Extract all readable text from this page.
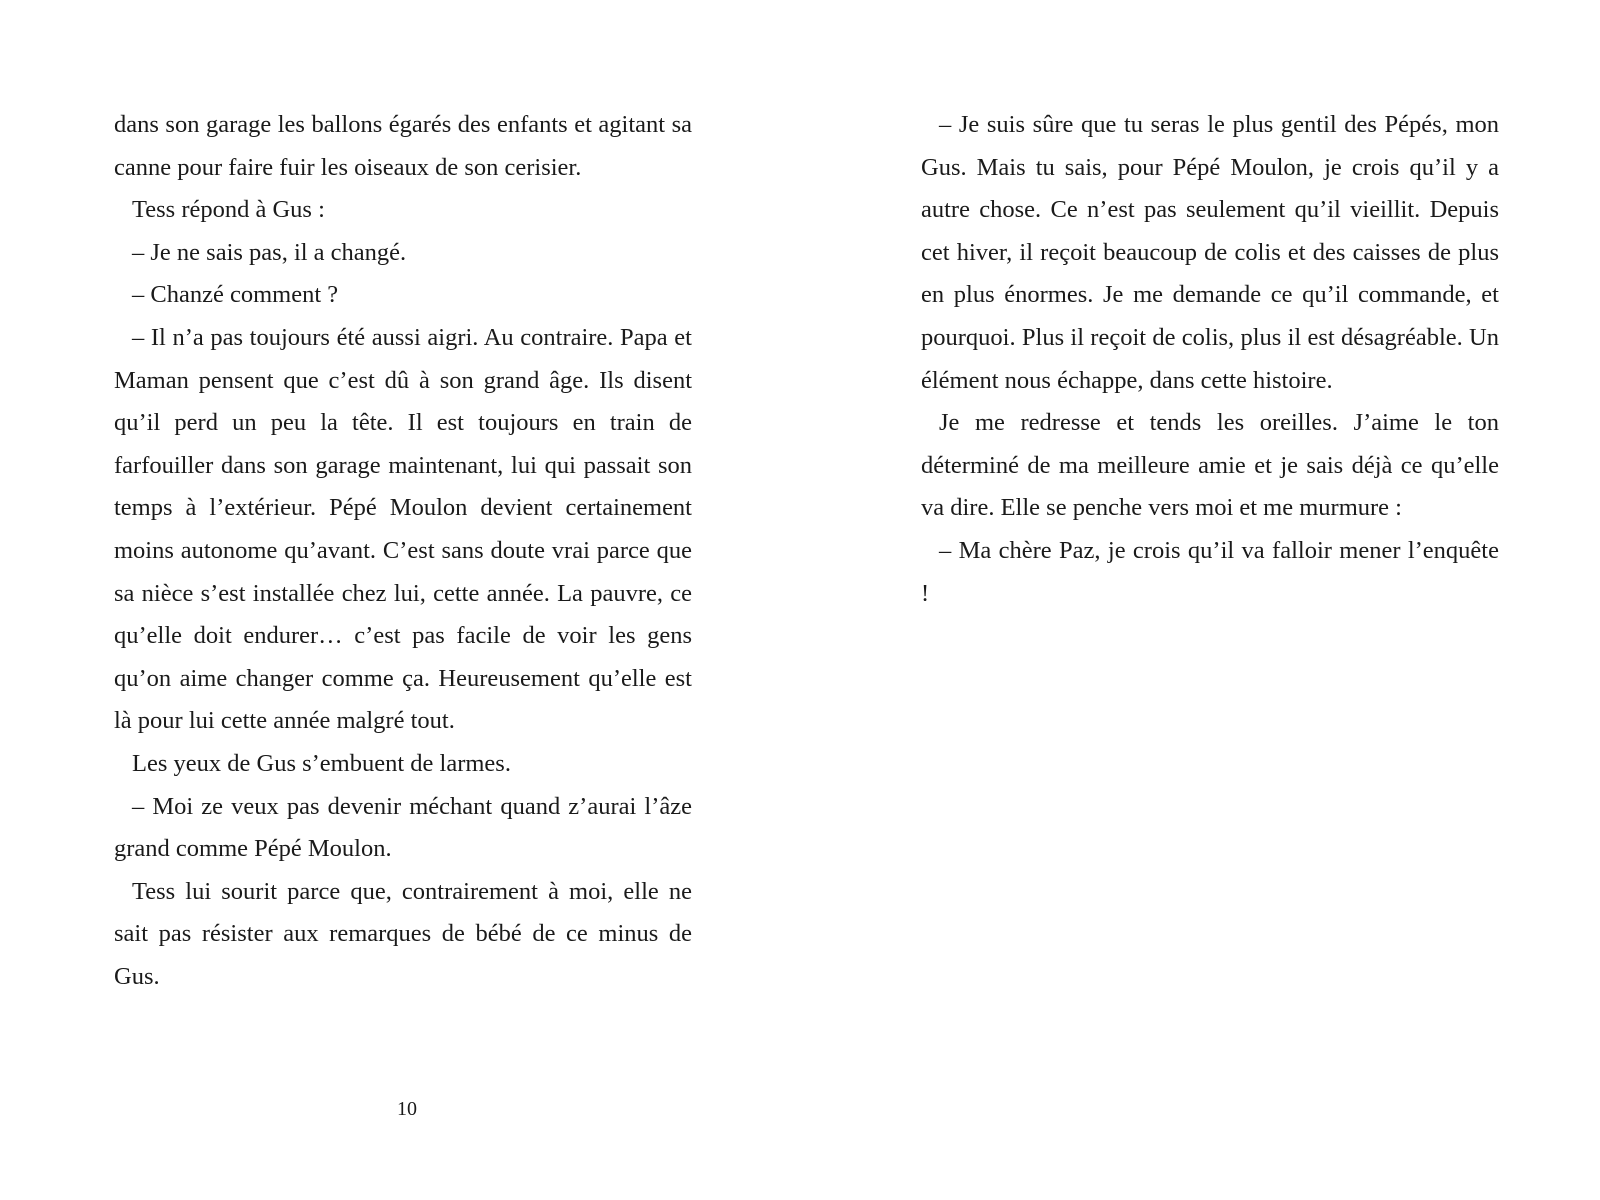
dans son garage les ballons égarés des enfants et agitant sa canne pour faire fuir les oiseaux de son cerisier.

Tess répond à Gus :

– Je ne sais pas, il a changé.

– Chanzé comment ?

– Il n’a pas toujours été aussi aigri. Au contraire. Papa et Maman pensent que c’est dû à son grand âge. Ils disent qu’il perd un peu la tête. Il est toujours en train de farfouiller dans son garage maintenant, lui qui passait son temps à l’extérieur. Pépé Moulon devient certainement moins autonome qu’avant. C’est sans doute vrai parce que sa nièce s’est installée chez lui, cette année. La pauvre, ce qu’elle doit endurer… c’est pas facile de voir les gens qu’on aime changer comme ça. Heureusement qu’elle est là pour lui cette année malgré tout.

Les yeux de Gus s’embuent de larmes.

– Moi ze veux pas devenir méchant quand z’aurai l’âze grand comme Pépé Moulon.

Tess lui sourit parce que, contrairement à moi, elle ne sait pas résister aux remarques de bébé de ce minus de Gus.

10

– Je suis sûre que tu seras le plus gentil des Pépés, mon Gus. Mais tu sais, pour Pépé Moulon, je crois qu’il y a autre chose. Ce n’est pas seulement qu’il vieillit. Depuis cet hiver, il reçoit beaucoup de colis et des caisses de plus en plus énormes. Je me demande ce qu’il commande, et pourquoi. Plus il reçoit de colis, plus il est désagréable. Un élément nous échappe, dans cette histoire.

Je me redresse et tends les oreilles. J’aime le ton déterminé de ma meilleure amie et je sais déjà ce qu’elle va dire. Elle se penche vers moi et me murmure :

– Ma chère Paz, je crois qu’il va falloir mener l’enquête !
